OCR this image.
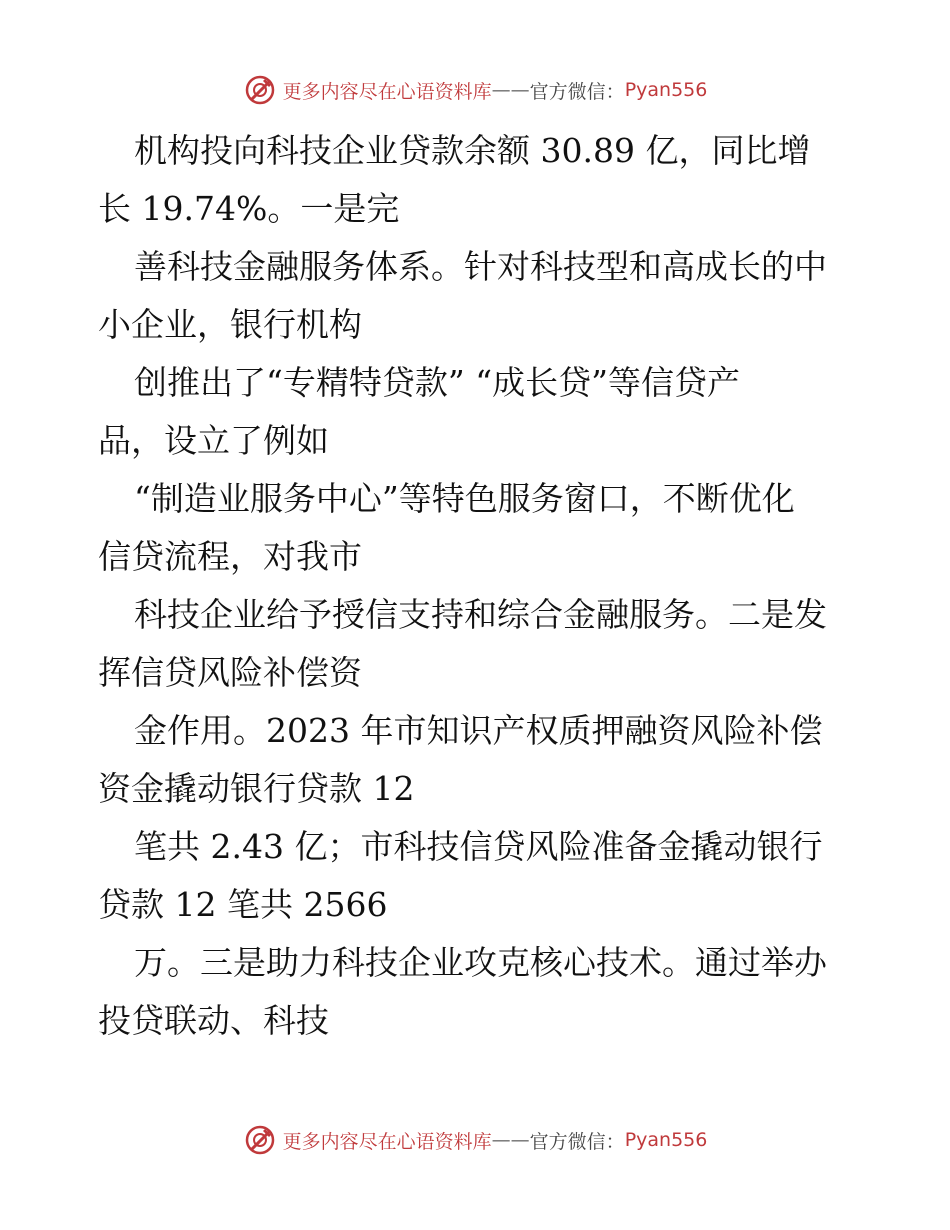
更多内容尽在心语资料库 —— 官方微信： Pyan556

机构投向科技企业贷款余额 30.89 亿，同比增
长 19.74%。一是完

善科技金融服务体系。针对科技型和高成长的中
小企业，银行机构

创推出了“专精特贷款” “成长贷”等信贷产
品，设立了例如

“制造业服务中心”等特色服务窗口，不断优化
信贷流程，对我市

科技企业给予授信支持和综合金融服务。二是发
挥信贷风险补偿资

金作用。2023 年市知识产权质押融资风险补偿
资金撬动银行贷款 12

笔共 2.43 亿；市科技信贷风险准备金撬动银行
贷款 12 笔共 2566

万。三是助力科技企业攻克核心技术。通过举办
投贷联动、科技

更多内容尽在心语资料库 —— 官方微信： Pyan556
